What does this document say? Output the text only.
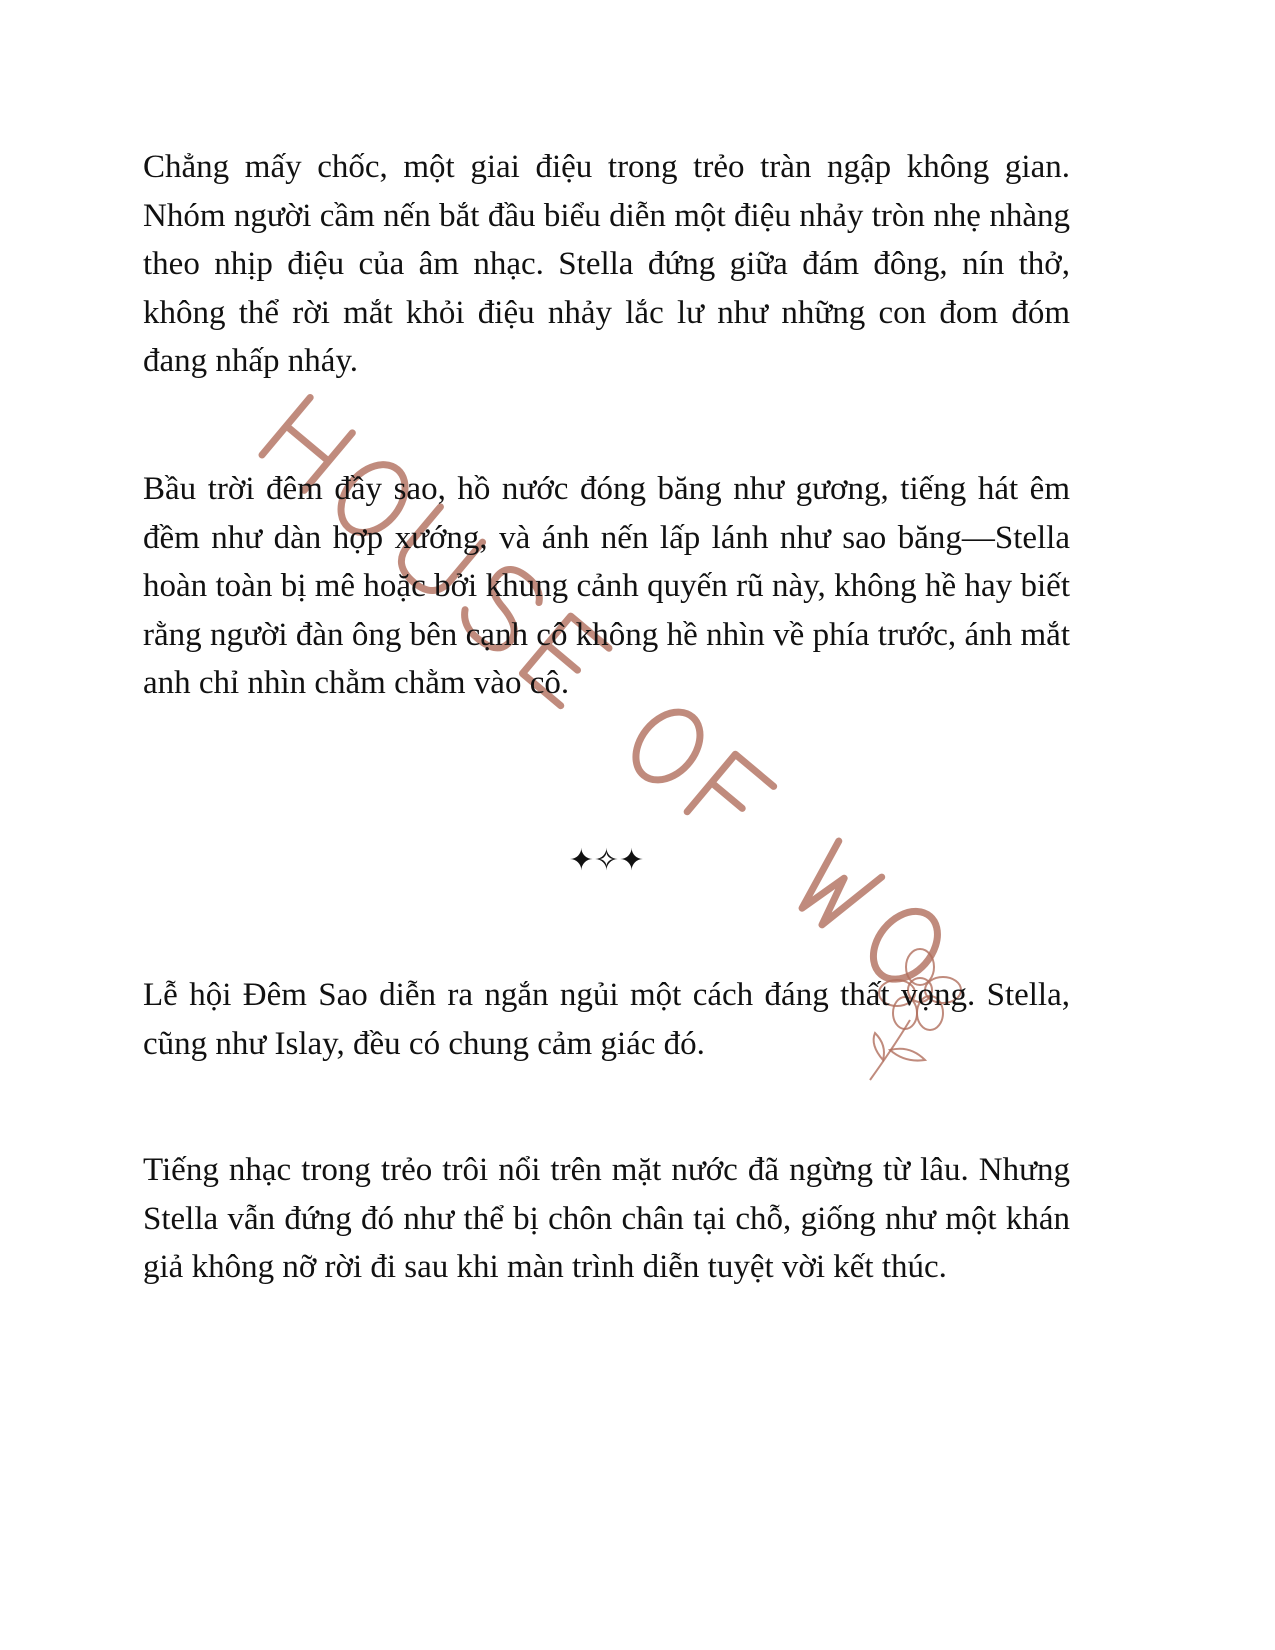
Chẳng mấy chốc, một giai điệu trong trẻo tràn ngập không gian. Nhóm người cầm nến bắt đầu biểu diễn một điệu nhảy tròn nhẹ nhàng theo nhịp điệu của âm nhạc. Stella đứng giữa đám đông, nín thở, không thể rời mắt khỏi điệu nhảy lắc lư như những con đom đóm đang nhấp nháy.

Bầu trời đêm đầy sao, hồ nước đóng băng như gương, tiếng hát êm đềm như dàn hợp xướng, và ánh nến lấp lánh như sao băng—Stella hoàn toàn bị mê hoặc bởi khung cảnh quyến rũ này, không hề hay biết rằng người đàn ông bên cạnh cô không hề nhìn về phía trước, ánh mắt anh chỉ nhìn chằm chằm vào cô.

✦✧✦

Lễ hội Đêm Sao diễn ra ngắn ngủi một cách đáng thất vọng. Stella, cũng như Islay, đều có chung cảm giác đó.

Tiếng nhạc trong trẻo trôi nổi trên mặt nước đã ngừng từ lâu. Nhưng Stella vẫn đứng đó như thể bị chôn chân tại chỗ, giống như một khán giả không nỡ rời đi sau khi màn trình diễn tuyệt vời kết thúc.
